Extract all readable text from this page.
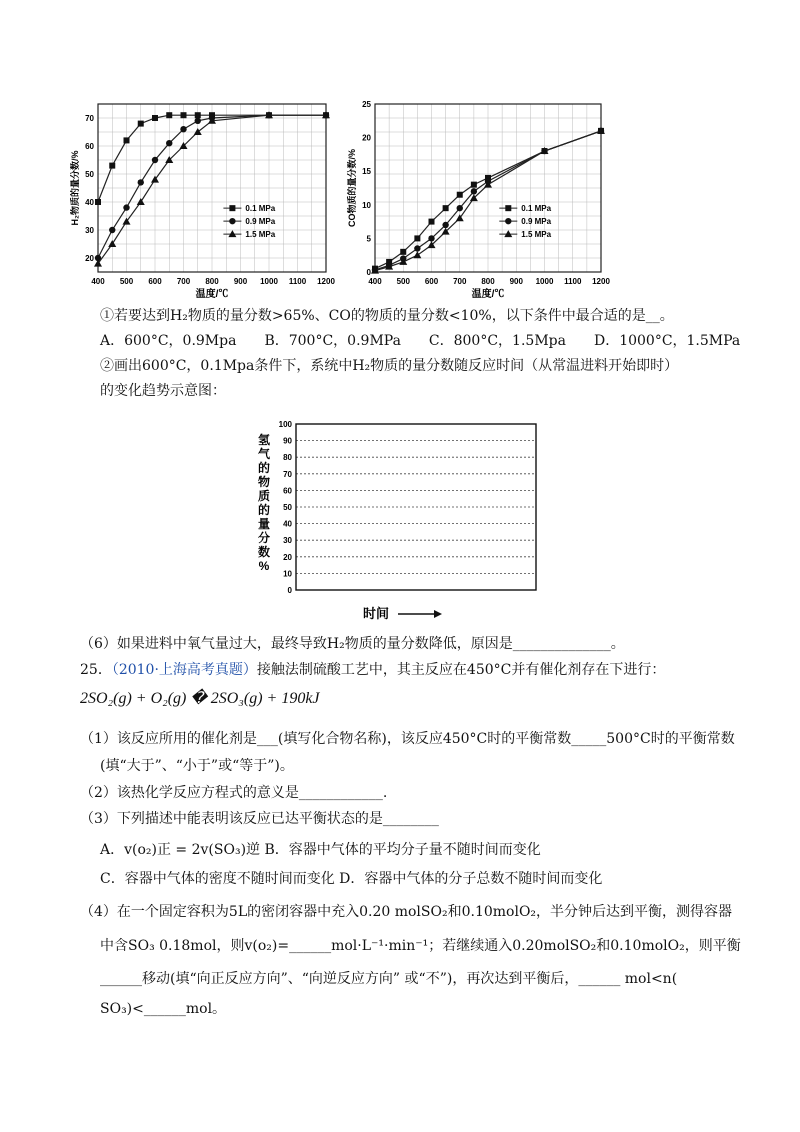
400 500 600 700 800 900 1000 1100 1200
20
30
40
50
60
70
温度/℃
H₂物质的量分数/%	0.1 MPa
0.9 MPa
1.5 MPa
400 500 600 700 800 900 1000 1100 1200
0
5
10
15
20
25
温度/℃
CO物质的量分数/%	0.1 MPa
0.9 MPa
1.5 MPa
①若要达到H₂物质的量分数>65%、CO的物质的量分数<10%，以下条件中最合适的是__。
A．600°C，0.9Mpa　　B．700°C，0.9MPa　　C．800°C，1.5Mpa　　D．1000°C，1.5MPa
②画出600°C，0.1Mpa条件下，系统中H₂物质的量分数随反应时间（从常温进料开始即时）
的变化趋势示意图：
0
10
20
30
40
50
60
70
80
90
100
氢
气
的
物
质
的
量
分
数
%
时间
（6）如果进料中氧气量过大，最终导致H₂物质的量分数降低，原因是______________。
25．（2010·上海高考真题）接触法制硫酸工艺中，其主反应在450°C并有催化剂存在下进行：
2SO₂(g) + O₂(g) � 2SO₃(g) + 190kJ
（1）该反应所用的催化剂是___(填写化合物名称)，该反应450°C时的平衡常数_____500°C时的平衡常数
(填“大于”、“小于”或“等于”)。
（2）该热化学反应方程式的意义是____________.
（3）下列描述中能表明该反应已达平衡状态的是________
A．v(o₂)正 = 2v(SO₃)逆 B．容器中气体的平均分子量不随时间而变化
C．容器中气体的密度不随时间而变化 D．容器中气体的分子总数不随时间而变化
（4）在一个固定容积为5L的密闭容器中充入0.20 molSO₂和0.10molO₂，半分钟后达到平衡，测得容器
中含SO₃ 0.18mol，则v(o₂)=______mol·L⁻¹·min⁻¹；若继续通入0.20molSO₂和0.10molO₂，则平衡
______移动(填“向正反应方向”、“向逆反应方向” 或“不”)，再次达到平衡后，______ mol<n(
SO₃)<______mol。
